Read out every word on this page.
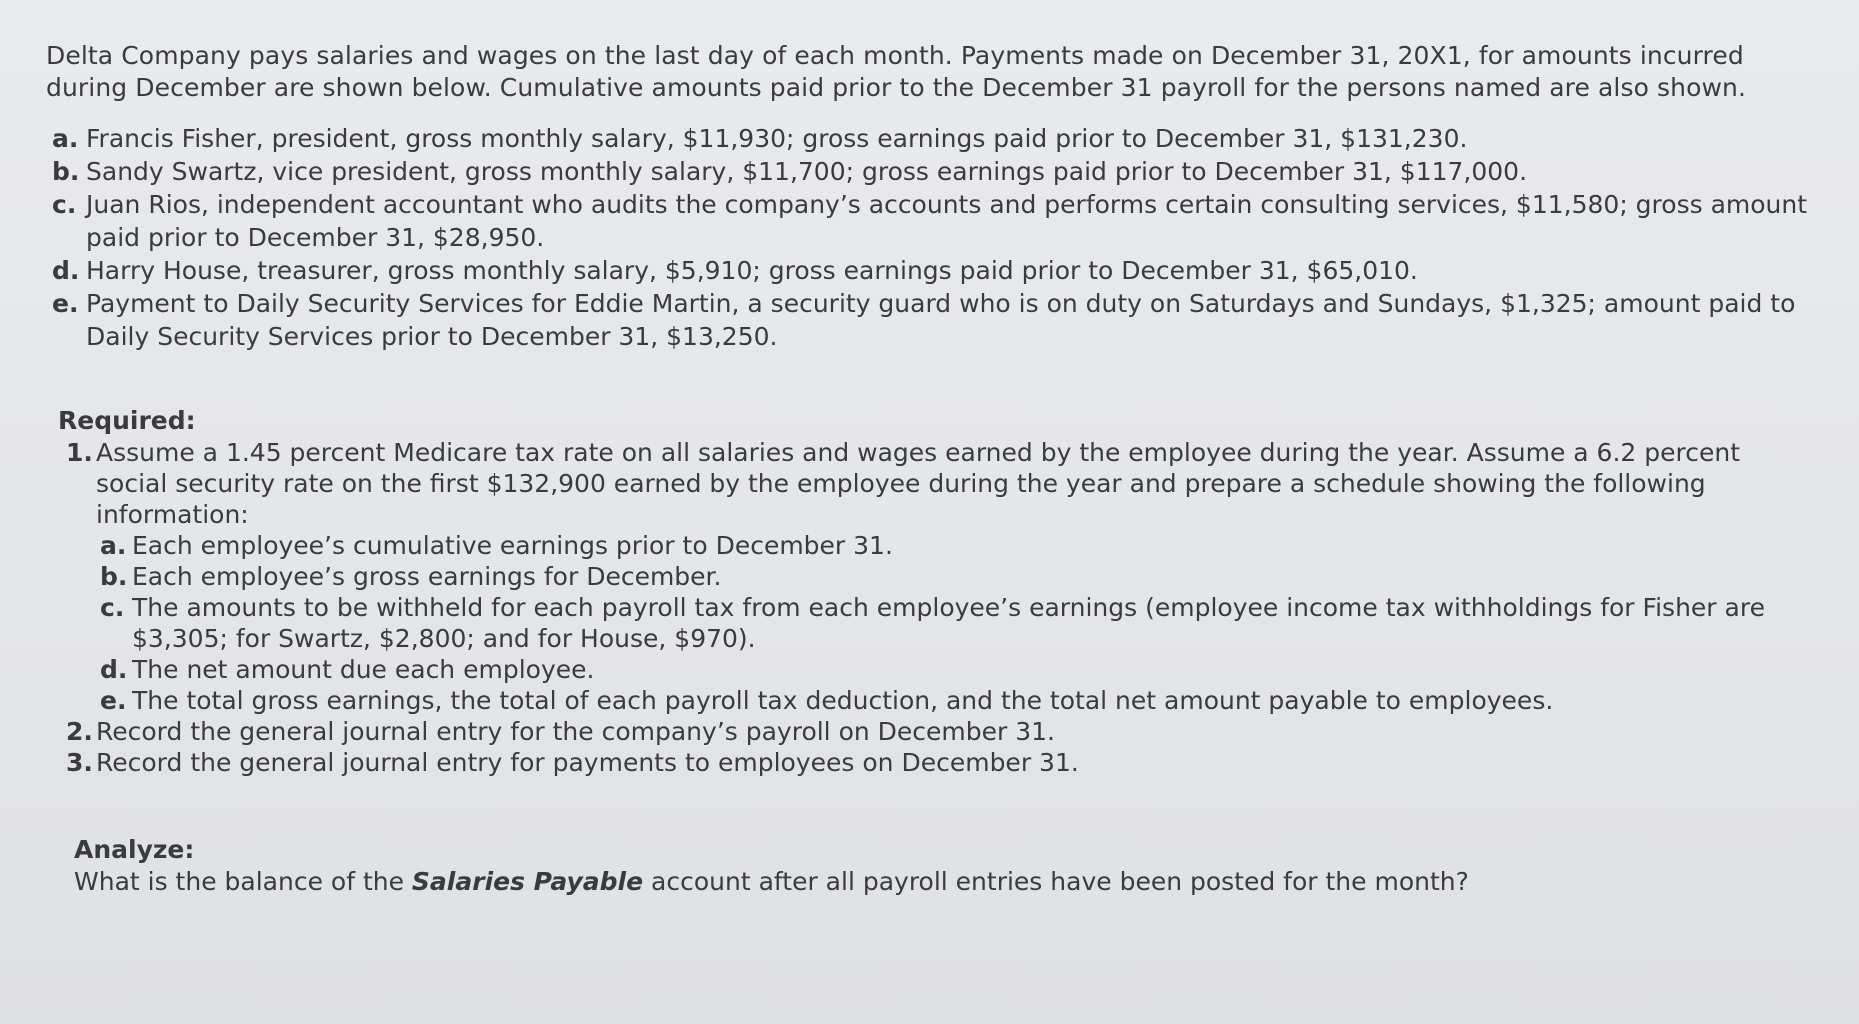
Delta Company pays salaries and wages on the last day of each month. Payments made on December 31, 20X1, for amounts incurred during December are shown below. Cumulative amounts paid prior to the December 31 payroll for the persons named are also shown.

a. Francis Fisher, president, gross monthly salary, $11,930; gross earnings paid prior to December 31, $131,230.
b. Sandy Swartz, vice president, gross monthly salary, $11,700; gross earnings paid prior to December 31, $117,000.
c. Juan Rios, independent accountant who audits the company’s accounts and performs certain consulting services, $11,580; gross amount paid prior to December 31, $28,950.
d. Harry House, treasurer, gross monthly salary, $5,910; gross earnings paid prior to December 31, $65,010.
e. Payment to Daily Security Services for Eddie Martin, a security guard who is on duty on Saturdays and Sundays, $1,325; amount paid to Daily Security Services prior to December 31, $13,250.
Required:
1. Assume a 1.45 percent Medicare tax rate on all salaries and wages earned by the employee during the year. Assume a 6.2 percent social security rate on the first $132,900 earned by the employee during the year and prepare a schedule showing the following information:
a. Each employee’s cumulative earnings prior to December 31.
b. Each employee’s gross earnings for December.
c. The amounts to be withheld for each payroll tax from each employee’s earnings (employee income tax withholdings for Fisher are $3,305; for Swartz, $2,800; and for House, $970).
d. The net amount due each employee.
e. The total gross earnings, the total of each payroll tax deduction, and the total net amount payable to employees.
2. Record the general journal entry for the company’s payroll on December 31.
3. Record the general journal entry for payments to employees on December 31.
Analyze:
What is the balance of the Salaries Payable account after all payroll entries have been posted for the month?
